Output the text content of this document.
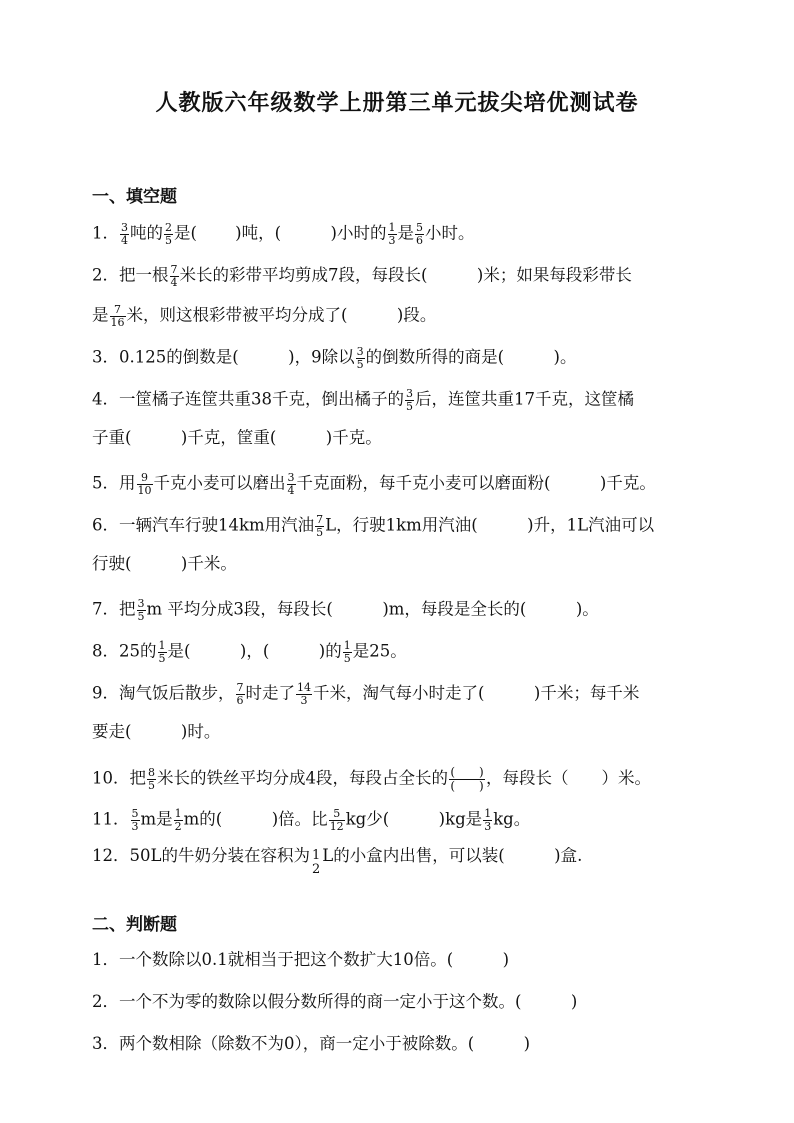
人教版六年级数学上册第三单元拔尖培优测试卷
一、填空题
1． $\frac{3}{4}$ 吨的 $\frac{2}{5}$ 是(　　 )吨，(　　　)小时的 $\frac{1}{3}$ 是 $\frac{5}{6}$ 小时。
2．把一根 $\frac{7}{4}$ 米长的彩带平均剪成7段，每段长(　　　)米；如果每段彩带长
是 $\frac{7}{16}$ 米，则这根彩带被平均分成了(　　　)段。
3．0.125的倒数是(　　　)，9除以 $\frac{3}{5}$ 的倒数所得的商是(　　　)。
4．一筐橘子连筐共重38千克，倒出橘子的 $\frac{3}{5}$ 后，连筐共重17千克，这筐橘
子重(　　　)千克，筐重(　　　)千克。
5．用 $\frac{9}{10}$ 千克小麦可以磨出 $\frac{3}{4}$ 千克面粉，每千克小麦可以磨面粉(　　　)千克。
6．一辆汽车行驶14km用汽油 $\frac{7}{5}$ L，行驶1km用汽油(　　　)升，1L汽油可以
行驶(　　　)千米。
7．把 $\frac{3}{5}$ m 平均分成3段，每段长(　　　)m，每段是全长的(　　　)。
8．25的 $\frac{1}{5}$ 是(　　　)，(　　　)的 $\frac{1}{5}$ 是25。
9．淘气饭后散步， $\frac{7}{6}$ 时走了 $\frac{14}{3}$ 千米，淘气每小时走了(　　　)千米；每千米
要走(　　　)时。
10．把 $\frac{8}{5}$ 米长的铁丝平均分成4段，每段占全长的 $\frac{( )}{( )}$ ，每段长（　　）米。
11． $\frac{5}{3}$ m是 $\frac{1}{2}$ m的(　　　)倍。比 $\frac{5}{12}$ kg少(　　　)kg是 $\frac{1}{3}$ kg。
12．50L的牛奶分装在容积为 1
2
L的小盒内出售，可以装(　　　)盒.
二、判断题
1．一个数除以0.1就相当于把这个数扩大10倍。(　　　)
2．一个不为零的数除以假分数所得的商一定小于这个数。(　　　)
3．两个数相除（除数不为0），商一定小于被除数。(　　　)
